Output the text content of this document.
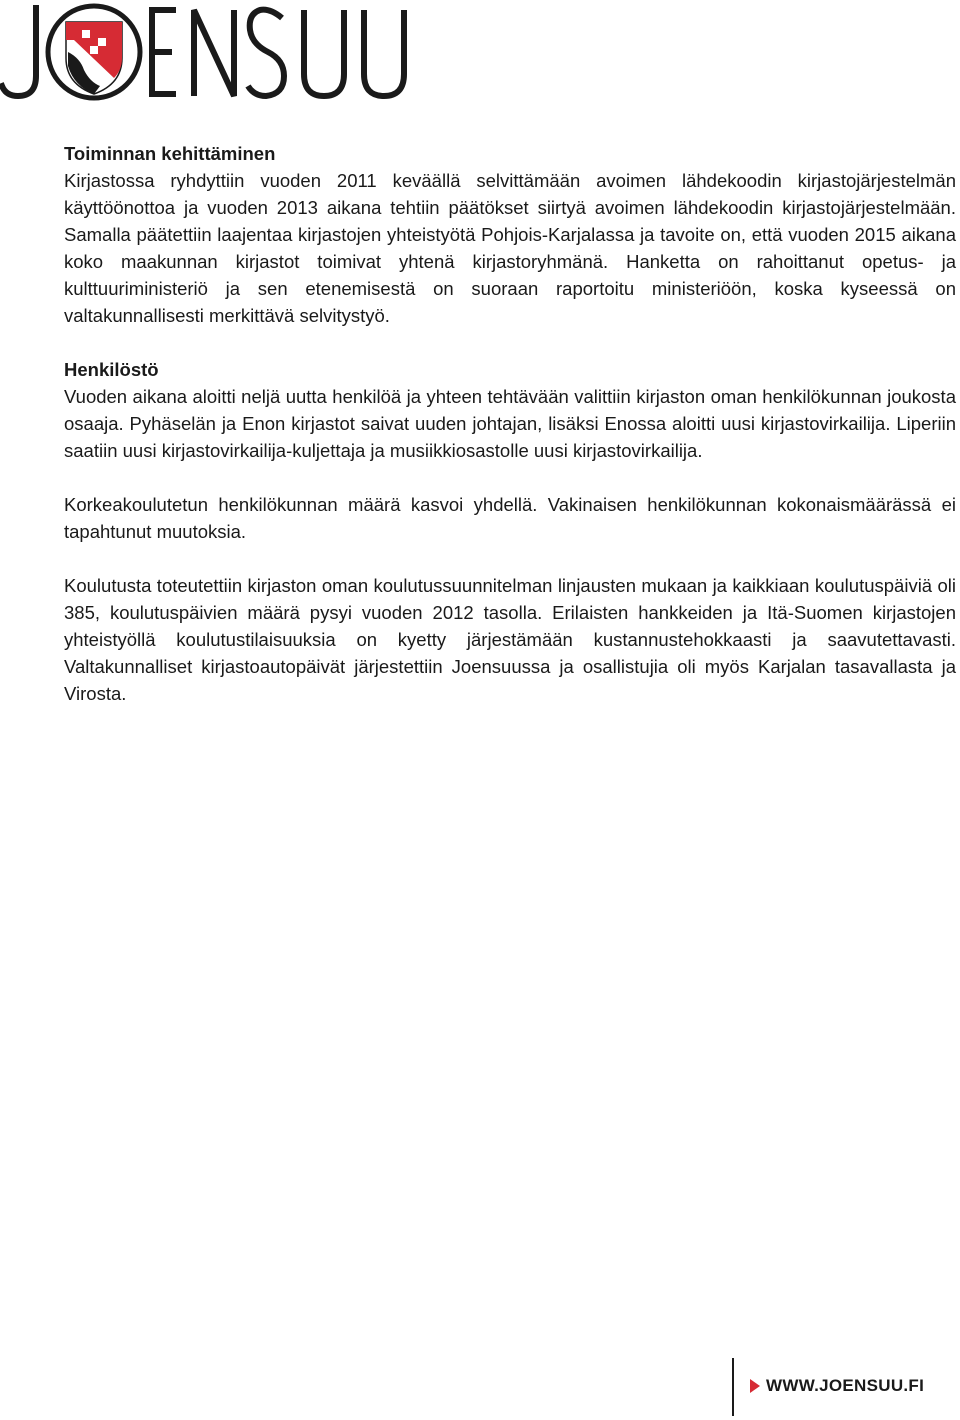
Toiminnan kehittäminen

Kirjastossa ryhdyttiin vuoden 2011 keväällä selvittämään avoimen lähdekoodin kirjastojärjestelmän käyttöönottoa ja vuoden 2013 aikana tehtiin päätökset siirtyä avoimen lähdekoodin kirjastojärjestelmään. Samalla päätettiin laajentaa kirjastojen yhteistyötä Pohjois-Karjalassa ja tavoite on, että vuoden 2015 aikana koko maakunnan kirjastot toimivat yhtenä kirjastoryhmänä. Hanketta on rahoittanut opetus- ja kulttuuriministeriö ja sen etenemisestä on suoraan raportoitu ministeriöön, koska kyseessä on valtakunnallisesti merkittävä selvitystyö.

Henkilöstö

Vuoden aikana aloitti neljä uutta henkilöä ja yhteen tehtävään valittiin kirjaston oman henkilökunnan joukosta osaaja. Pyhäselän ja Enon kirjastot saivat uuden johtajan, lisäksi Enossa aloitti uusi kirjastovirkailija. Liperiin saatiin uusi kirjastovirkailija-kuljettaja ja musiikkiosastolle uusi kirjastovirkailija.

Korkeakoulutetun henkilökunnan määrä kasvoi yhdellä. Vakinaisen henkilökunnan kokonaismäärässä ei tapahtunut muutoksia.

Koulutusta toteutettiin kirjaston oman koulutussuunnitelman linjausten mukaan ja kaikkiaan koulutuspäiviä oli 385, koulutuspäivien määrä pysyi vuoden 2012 tasolla. Erilaisten hankkeiden ja Itä-Suomen kirjastojen yhteistyöllä koulutustilaisuuksia on kyetty järjestämään kustannustehokkaasti ja saavutettavasti. Valtakunnalliset kirjastoautopäivät järjestettiin Joensuussa ja osallistujia oli myös Karjalan tasavallasta ja Virosta.

WWW.JOENSUU.FI
